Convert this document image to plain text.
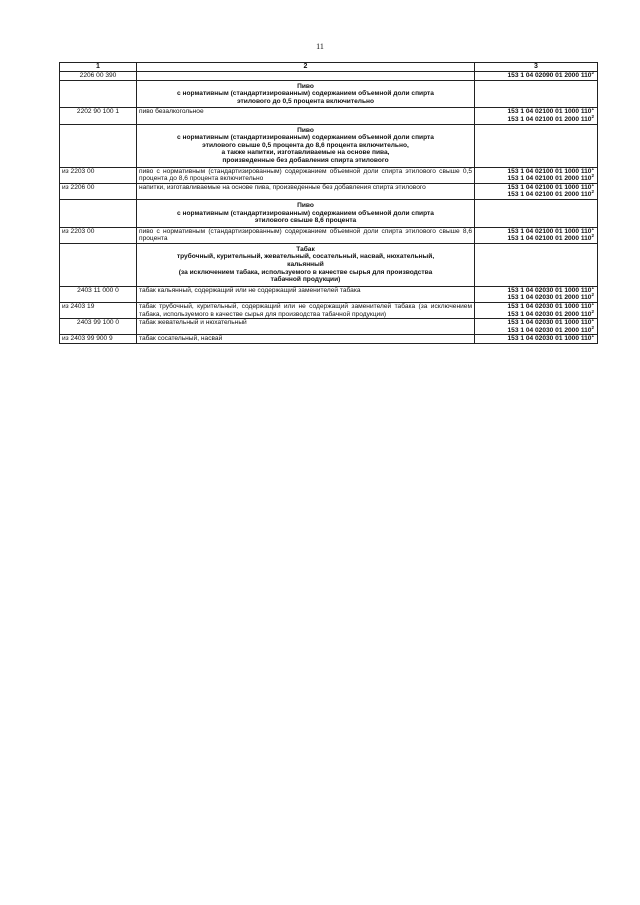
11
1	2	3
2206 00 390		153 1 04 02090 01 2000 $110^2$

	Пиво
с нормативным (стандартизированным) содержанием объемной доли спирта
этилового до 0,5 процента включительно	

2202 90 100 1	пиво безалкогольное	153 1 04 02100 01 1000 $110^1$
153 1 04 02100 01 2000 $110^2$

	Пиво
с нормативным (стандартизированным) содержанием объемной доли спирта
этилового свыше 0,5 процента до 8,6 процента включительно,
а также напитки, изготавливаемые на основе пива,
произведенные без добавления спирта этилового	

из 2203 00	пиво с нормативным (стандартизированным) содержанием объемной доли спирта этилового свыше 0,5 процента до 8,6 процента включительно	153 1 04 02100 01 1000 $110^1$
153 1 04 02100 01 2000 $110^2$

из 2206 00	напитки, изготавливаемые на основе пива, произведенные без добавления спирта этилового	153 1 04 02100 01 1000 $110^1$
153 1 04 02100 01 2000 $110^2$

	Пиво
с нормативным (стандартизированным) содержанием объемной доли спирта
этилового свыше 8,6 процента	

из 2203 00	пиво с нормативным (стандартизированным) содержанием объемной доли спирта этилового свыше 8,6 процента	153 1 04 02100 01 1000 $110^1$
153 1 04 02100 01 2000 $110^2$

	Табак
трубочный, курительный, жевательный, сосательный, насвай, нюхательный,
кальянный
(за исключением табака, используемого в качестве сырья для производства
табачной продукции)	

2403 11 000 0	табак кальянный, содержащий или не содержащий заменителей табака	153 1 04 02030 01 1000 $110^1$
153 1 04 02030 01 2000 $110^2$

из 2403 19	табак трубочный, курительный, содержащий или не содержащий заменителей табака (за исключением табака, используемого в качестве сырья для производства табачной продукции)	153 1 04 02030 01 1000 $110^1$
153 1 04 02030 01 2000 $110^2$

2403 99 100 0	табак жевательный и нюхательный	153 1 04 02030 01 1000 $110^1$
153 1 04 02030 01 2000 $110^2$

из 2403 99 900 9	табак сосательный, насвай	153 1 04 02030 01 1000 $110^1$
